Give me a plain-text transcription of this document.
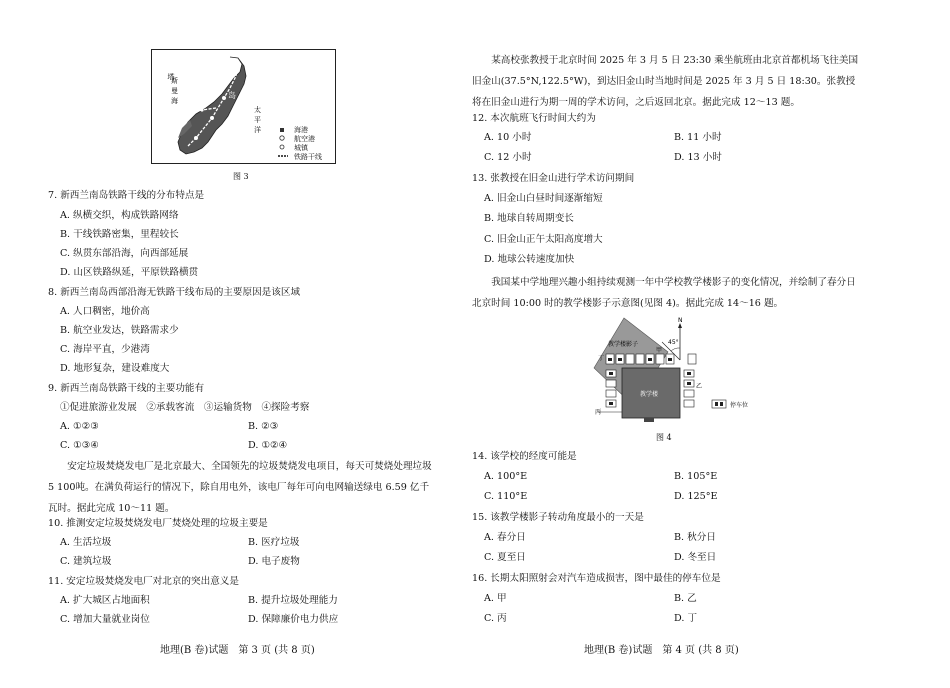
塔
斯
曼
海
南
岛
太
平
洋	海港
航空港
城镇
铁路干线
图 3
7. 新西兰南岛铁路干线的分布特点是
A. 纵横交织，构成铁路网络
B. 干线铁路密集，里程较长
C. 纵贯东部沿海，向西部延展
D. 山区铁路纵延，平原铁路横贯
8. 新西兰南岛西部沿海无铁路干线布局的主要原因是该区域
A. 人口稠密，地价高
B. 航空业发达，铁路需求少
C. 海岸平直，少港湾
D. 地形复杂，建设难度大
9. 新西兰南岛铁路干线的主要功能有
①促进旅游业发展　②承载客流　③运输货物　④探险考察
A. ①②③	B. ②③
C. ①③④	D. ①②④
安定垃圾焚烧发电厂是北京最大、全国领先的垃圾焚烧发电项目，每天可焚烧处理垃圾 5 100吨。在满负荷运行的情况下，除自用电外，该电厂每年可向电网输送绿电 6.59 亿千瓦时。据此完成 10～11 题。
10. 推测安定垃圾焚烧发电厂焚烧处理的垃圾主要是
A. 生活垃圾	B. 医疗垃圾
C. 建筑垃圾	D. 电子废物
11. 安定垃圾焚烧发电厂对北京的突出意义是
A. 扩大城区占地面积	B. 提升垃圾处理能力
C. 增加大量就业岗位	D. 保障廉价电力供应
地理(B 卷)试题　第 3 页 (共 8 页)
某高校张教授于北京时间 2025 年 3 月 5 日 23:30 乘坐航班由北京首都机场飞往美国旧金山(37.5°N,122.5°W)，到达旧金山时当地时间是 2025 年 3 月 5 日 18:30。张教授将在旧金山进行为期一周的学术访问，之后返回北京。据此完成 12～13 题。
12. 本次航班飞行时间大约为
A. 10 小时	B. 11 小时
C. 12 小时	D. 13 小时
13. 张教授在旧金山进行学术访问期间
A. 旧金山白昼时间逐渐缩短
B. 地球自转周期变长
C. 旧金山正午太阳高度增大
D. 地球公转速度加快
我国某中学地理兴趣小组持续观测一年中学校教学楼影子的变化情况，并绘制了春分日北京时间 10:00 时的教学楼影子示意图(见图 4)。据此完成 14～16 题。
N
45°
教学楼
教学楼影子
丁
甲
乙
丙
停车位
图 4
14. 该学校的经度可能是
A. 100°E	B. 105°E
C. 110°E	D. 125°E
15. 该教学楼影子转动角度最小的一天是
A. 春分日	B. 秋分日
C. 夏至日	D. 冬至日
16. 长期太阳照射会对汽车造成损害，图中最佳的停车位是
A. 甲	B. 乙
C. 丙	D. 丁
地理(B 卷)试题　第 4 页 (共 8 页)
